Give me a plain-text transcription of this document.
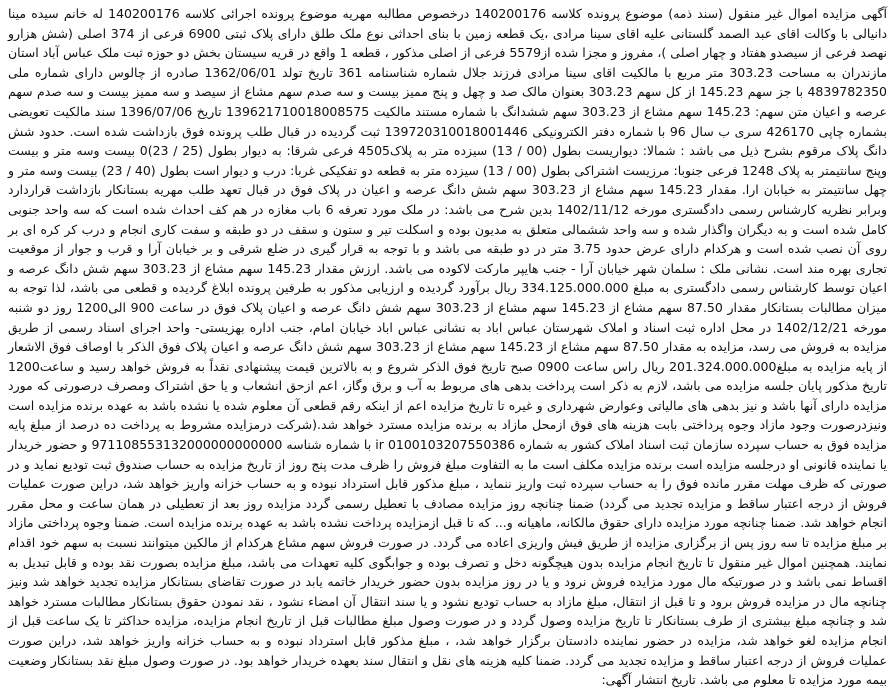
آگهی مزایده اموال غیر منقول (سند ذمه) موضوع پرونده کلاسه 140200176 درخصوص مطالبه مهریه موضوع پرونده اجرائی کلاسه 140200176 له خانم سیده مینا دانیالی با وکالت اقای عبد الصمد گلستانی علیه اقای سینا مرادی ،یک قطعه زمین با بنای احداثی نوع ملک طلق دارای پلاک ثبتی 6900 فرعی از 374 اصلی (شش هزارو نهصد فرعی از سیصدو هفتاد و چهار اصلی )، مفروز و مجزا شده از5579 فرعی از اصلی مذکور ، قطعه 1 واقع در قریه سیستان بخش دو حوزه ثبت ملک عباس آباد استان مازندران به مساحت 303.23 متر مربع با مالکیت اقای سینا مرادی فرزند جلال شماره شناسنامه 361 تاریخ تولد 1362/06/01 صادره از چالوس دارای شماره ملی 4839782350 با جز سهم 145.23 از کل سهم 303.23 بعنوان مالک صد و چهل و پنج ممیز بیست و سه صدم سهم مشاع از سیصد و سه ممیز بیست و سه صدم سهم عرصه و اعیان متن سهم: 145.23 سهم مشاع از 303.23 سهم ششدانگ با شماره مستند مالکیت 139621710018008575 تاریخ 1396/07/06 سند مالکیت تعویضی بشماره چاپی 426170 سری ب سال 96 با شماره دفتر الکترونیکی 139720310018001446 ثبت گردیده در قبال طلب پرونده فوق بازداشت شده است. حدود شش دانگ پلاک مرقوم بشرح ذیل می باشد : شمالا: دیواریست بطول (00 / 13) سیزده متر به پلاک4505 فرعی شرقا: به دیوار بطول (25 / 23)0 بیست وسه متر و بیست وپنج سانتیمتر به پلاک 1248 فرعی جنوبا: مرزیست اشتراکی بطول (00 / 13) سیزده متر به قطعه دو تفکیکی غربا: درب و دیوار است بطول (40 / 23) بیست وسه متر و چهل سانتیمتر به خیابان ارا. مقدار 145.23 سهم مشاع از 303.23 سهم شش دانگ عرصه و اعیان در پلاک فوق در قبال تعهد طلب مهریه بستانکار بازداشت قراردارد وبرابر نظریه کارشناس رسمی دادگستری مورخه 1402/11/12 بدین شرح می باشد: در ملک مورد تعرفه 6 باب مغازه در هم کف احداث شده است که سه واحد جنوبی کامل شده است و به دیگران واگذار شده و سه واحد ششمالی متعلق به مدیون بوده و اسکلت تیر و ستون و سقف در دو طبقه و سفت کاری انجام و درب کر کره ای بر روی آن نصب شده است و هرکدام دارای عرض حدود 3.75 متر در دو طبقه می باشد و با توجه به قرار گیری در ضلع شرقی و بر خیابان آرا و قرب و جوار از موقعیت تجاری بهره مند است. نشانی ملک : سلمان شهر خیابان آرا - جنب هایپر مارکت لاکوده می باشد. ارزش مقدار 145.23 سهم مشاع از 303.23 سهم شش دانگ عرصه و اعیان توسط کارشناس رسمی دادگستری به مبلغ 334.125.000.000 ریال برآورد گردیده و ارزیابی مذکور به طرفین پرونده ابلاغ گردیده و قطعی می باشد، لذا توجه به میزان مطالبات بستانکار مقدار 87.50 سهم مشاع از 145.23 سهم مشاع از 303.23 سهم شش دانگ عرصه و اعیان پلاک فوق در ساعت 900 الی1200 روز دو شنبه مورخه 1402/12/21 در محل اداره ثبت اسناد و املاک شهرستان عباس اباد به نشانی عباس اباد خیابان امام، جنب اداره بهزیستی- واحد اجرای اسناد رسمی از طریق مزایده به فروش می رسد، مزایده به مقدار 87.50 سهم مشاع از 145.23 سهم مشاع از 303.23 سهم شش دانگ عرصه و اعیان پلاک فوق الذکر با اوصاف فوق الاشعار از پایه مزایده به مبلغ201.324.000.000 ریال راس ساعت 0900 صبح تاریخ فوق الذکر شروع و به بالاترین قیمت پیشنهادی نقداً به فروش خواهد رسید و ساعت1200 تاریخ مذکور پایان جلسه مزایده می باشد، لازم به ذکر است پرداخت بدهی های مربوط به آب و برق وگاز، اعم ازحق انشعاب و یا حق اشتراک ومصرف درصورتی که مورد مزایده دارای آنها باشد و نیز بدهی های مالیاتی وعوارض شهرداری و غیره تا تاریخ مزایده اعم از اینکه رقم قطعی آن معلوم شده یا نشده باشد به عهده برنده مزایده است ونیزدرصورت وجود مازاد وجوه پرداختی بابت هزینه های فوق ازمحل مازاد به برنده مزایده مسترد خواهد شد.(شرکت درمزایده مشروط به پرداخت ده درصد از مبلغ پایه مزایده فوق به حساب سپرده سازمان ثبت اسناد املاک کشور به شماره 0100103207550386 ir با شماره شناسه 971108553132000000000000 و حضور خریدار یا نماینده قانونی او درجلسه مزایده است برنده مزایده مکلف است ما به التفاوت مبلغ فروش را ظرف مدت پنج روز از تاریخ مزایده به حساب صندوق ثبت تودیع نماید و در صورتی که ظرف مهلت مقرر مانده فوق را به حساب سپرده ثبت واریز ننماید ، مبلغ مذکور قابل استرداد نبوده و به حساب خزانه واریز خواهد شد، دراین صورت عملیات فروش از درجه اعتبار ساقط و مزایده تجدید می گردد) ضمنا چنانچه روز مزایده مصادف با تعطیل رسمی گردد مزایده روز بعد از تعطیلی در همان ساعت و محل مقرر انجام خواهد شد. ضمنا چنانچه مورد مزایده دارای حقوق مالکانه، ماهیانه و... که تا قبل ازمزایده پرداخت نشده باشد به عهده برنده مزایده است. ضمنا وجوه پرداختی مازاد بر مبلغ مزایده تا سه روز پس از برگزاری مزایده از طریق فیش واریزی اعاده می گردد. در صورت فروش سهم مشاع هرکدام از مالکین میتوانند نسبت به سهم خود اقدام نمایند. همچنین اموال غیر منقول تا تاریخ انجام مزایده بدون هیچگونه دخل و تصرف بوده و جوابگوی کلیه تعهدات می باشد، مبلغ مزایده بصورت نقد بوده و قابل تبدیل به اقساط نمی باشد و در صورتیکه مال مورد مزایده فروش نرود و یا در روز مزایده بدون حضور خریدار خاتمه یابد در صورت تقاضای بستانکار مزایده تجدید خواهد شد ونیز چنانچه مال در مزایده فروش برود و تا قبل از انتقال، مبلغ مازاد به حساب تودیع نشود و یا سند انتقال آن امضاء نشود ، نقد نمودن حقوق بستانکار مطالبات مسترد خواهد شد و چنانچه مبلغ بیشتری از طرف بستانکار تا تاریخ مزایده وصول گردد و در صورت وصول مبلغ مطالبات قبل از تاریخ انجام مزایده، مزایده حداکثر تا یک ساعت قبل از انجام مزایده لغو خواهد شد، مزایده در حضور نماینده دادستان برگزار خواهد شد، ، مبلغ مذکور قابل استرداد نبوده و به حساب خزانه واریز خواهد شد، دراین صورت عملیات فروش از درجه اعتبار ساقط و مزایده تجدید می گردد. ضمنا کلیه هزینه های نقل و انتقال سند بعهده خریدار خواهد بود. در صورت وصول مبلغ نقد بستانکار وضعیت بیمه مورد مزایده تا معلوم می باشد. تاریخ انتشار آگهی:
